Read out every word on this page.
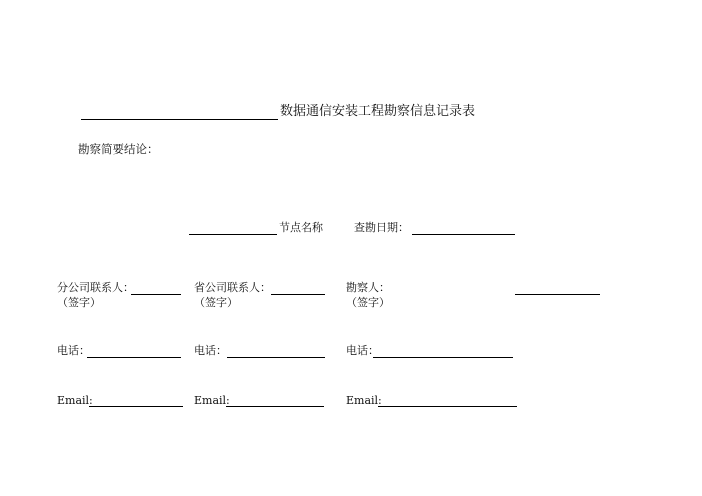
数据通信安装工程勘察信息记录表
勘察简要结论：
节点名称	查勘日期：
分公司联系人：
（签字）
电话：
Email:
省公司联系人：
（签字）
电话：
Email:
勘察人：
（签字）
电话：
Email:
